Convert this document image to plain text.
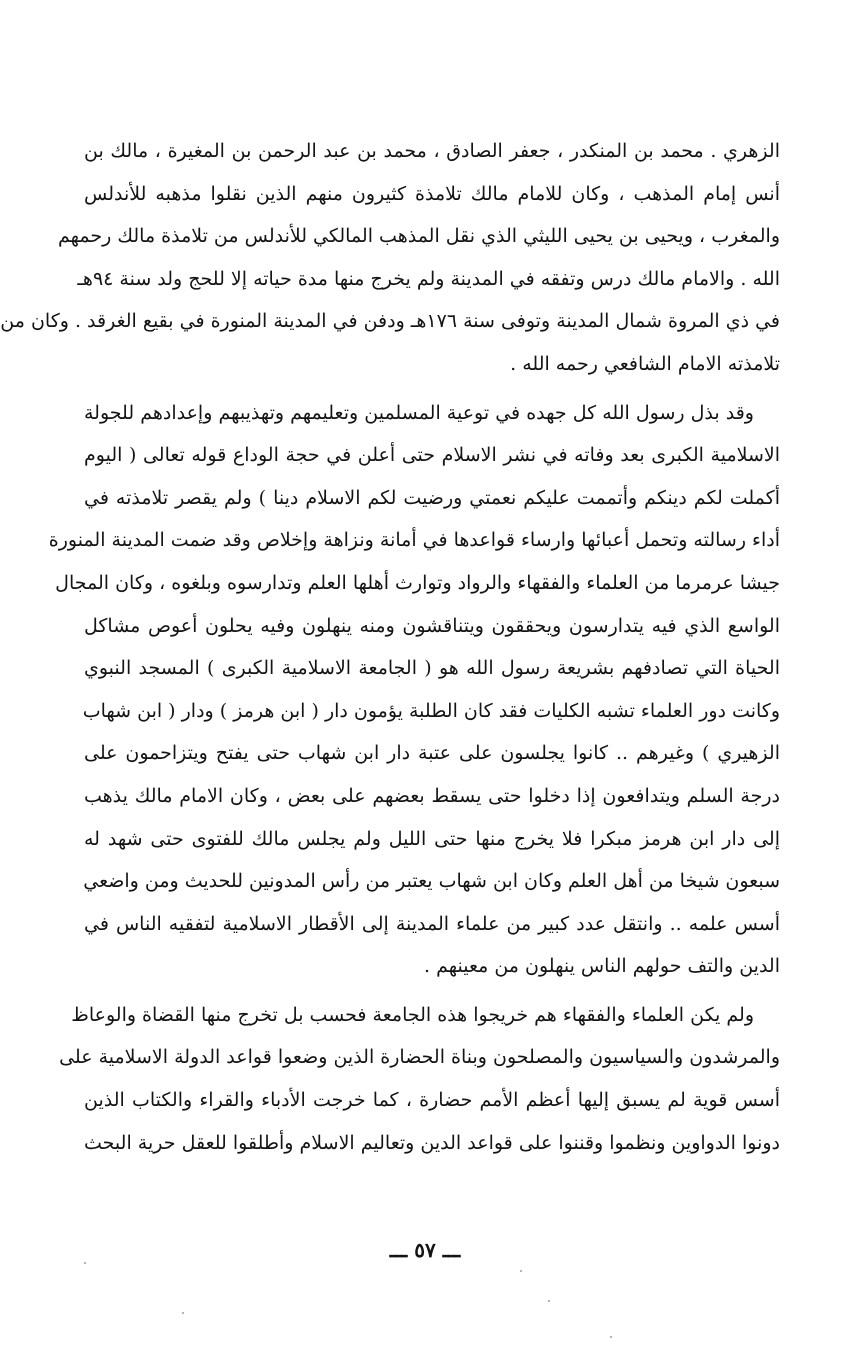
الزهري . محمد بن المنكدر ، جعفر الصادق ، محمد بن عبد الرحمن بن المغيرة ، مالك بن
أنس إمام المذهب ، وكان للامام مالك تلامذة كثيرون منهم الذين نقلوا مذهبه للأندلس
والمغرب ، ويحيى بن يحيى الليثي الذي نقل المذهب المالكي للأندلس من تلامذة مالك رحمهم
الله . والامام مالك درس وتفقه في المدينة ولم يخرج منها مدة حياته إلا للحج ولد سنة ٩٤هـ
في ذي المروة شمال المدينة وتوفى سنة ١٧٦هـ ودفن في المدينة المنورة في بقيع الغرقد . وكان من
تلامذته الامام الشافعي رحمه الله .
وقد بذل رسول الله كل جهده في توعية المسلمين وتعليمهم وتهذيبهم وإعدادهم للجولة
الاسلامية الكبرى بعد وفاته في نشر الاسلام حتى أعلن في حجة الوداع قوله تعالى ( اليوم
أكملت لكم دينكم وأتممت عليكم نعمتي ورضيت لكم الاسلام دينا ) ولم يقصر تلامذته في
أداء رسالته وتحمل أعبائها وارساء قواعدها في أمانة ونزاهة وإخلاص وقد ضمت المدينة المنورة
جيشا عرمرما من العلماء والفقهاء والرواد وتوارث أهلها العلم وتدارسوه وبلغوه ، وكان المجال
الواسع الذي فيه يتدارسون ويحققون ويتناقشون ومنه ينهلون وفيه يحلون أعوص مشاكل
الحياة التي تصادفهم بشريعة رسول الله هو ( الجامعة الاسلامية الكبرى ) المسجد النبوي
وكانت دور العلماء تشبه الكليات فقد كان الطلبة يؤمون دار ( ابن هرمز ) ودار ( ابن شهاب
الزهيري ) وغيرهم .. كانوا يجلسون على عتبة دار ابن شهاب حتى يفتح ويتزاحمون على
درجة السلم ويتدافعون إذا دخلوا حتى يسقط بعضهم على بعض ، وكان الامام مالك يذهب
إلى دار ابن هرمز مبكرا فلا يخرج منها حتى الليل ولم يجلس مالك للفتوى حتى شهد له
سبعون شيخا من أهل العلم وكان ابن شهاب يعتبر من رأس المدونين للحديث ومن واضعي
أسس علمه .. وانتقل عدد كبير من علماء المدينة إلى الأقطار الاسلامية لتفقيه الناس في
الدين والتف حولهم الناس ينهلون من معينهم .
ولم يكن العلماء والفقهاء هم خريجوا هذه الجامعة فحسب بل تخرج منها القضاة والوعاظ
والمرشدون والسياسيون والمصلحون وبناة الحضارة الذين وضعوا قواعد الدولة الاسلامية على
أسس قوية لم يسبق إليها أعظم الأمم حضارة ، كما خرجت الأدباء والقراء والكتاب الذين
دونوا الدواوين ونظموا وقننوا على قواعد الدين وتعاليم الاسلام وأطلقوا للعقل حرية البحث
ـــ ٥٧ ـــ
